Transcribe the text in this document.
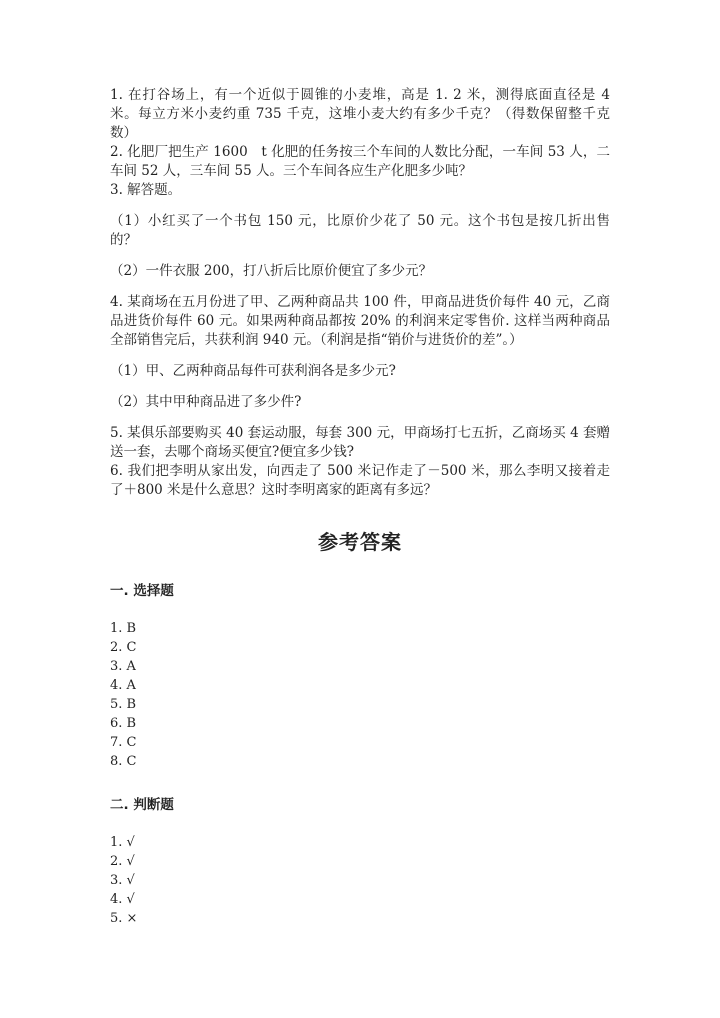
1. 在打谷场上，有一个近似于圆锥的小麦堆，高是 1. 2 米，测得底面直径是 4 米。每立方米小麦约重 735 千克，这堆小麦大约有多少千克？（得数保留整千克数）

2. 化肥厂把生产 1600　t 化肥的任务按三个车间的人数比分配，一车间 53 人，二车间 52 人，三车间 55 人。三个车间各应生产化肥多少吨？

3. 解答题。

（1）小红买了一个书包 150 元，比原价少花了 50 元。这个书包是按几折出售的？

（2）一件衣服 200，打八折后比原价便宜了多少元？

4. 某商场在五月份进了甲、乙两种商品共 100 件，甲商品进货价每件 40 元，乙商品进货价每件 60 元。如果两种商品都按 20% 的利润来定零售价. 这样当两种商品全部销售完后，共获利润 940 元。（利润是指“销价与进货价的差”。）

（1）甲、乙两种商品每件可获利润各是多少元?

（2）其中甲种商品进了多少件?

5. 某俱乐部要购买 40 套运动服，每套 300 元，甲商场打七五折，乙商场买 4 套赠送一套，去哪个商场买便宜?便宜多少钱?

6. 我们把李明从家出发，向西走了 500 米记作走了－500 米，那么李明又接着走了＋800 米是什么意思？这时李明离家的距离有多远？

参考答案
一. 选择题
1. B
2. C
3. A
4. A
5. B
6. B
7. C
8. C
二. 判断题
1. √
2. √
3. √
4. √
5. ×
